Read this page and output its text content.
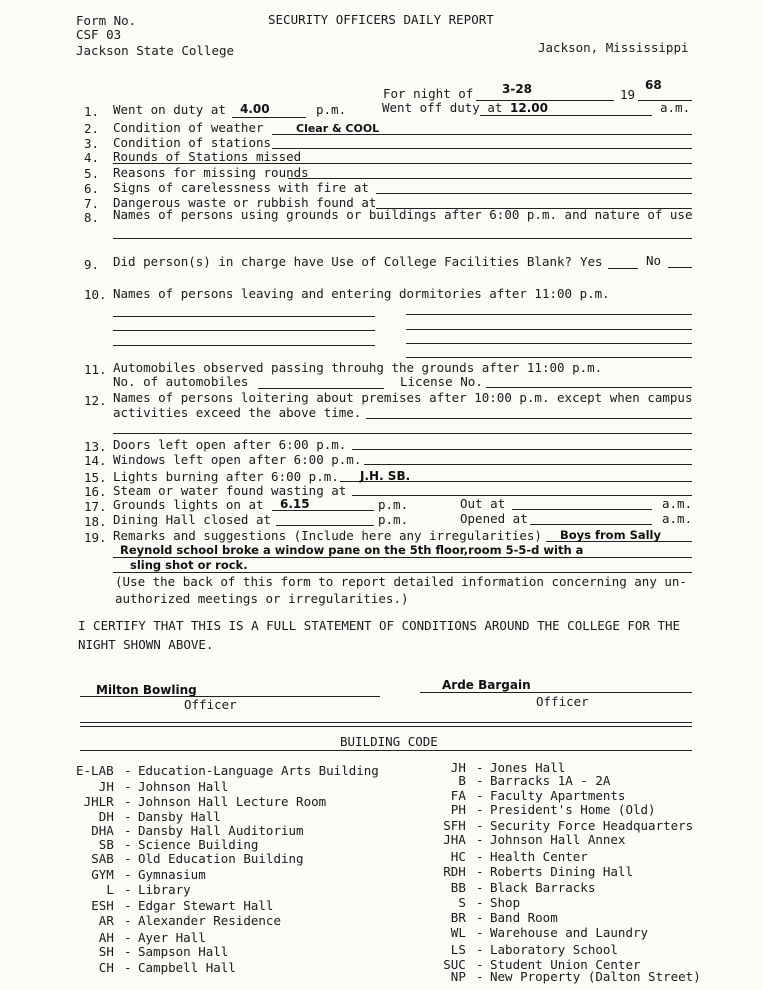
Form No.
CSF 03
Jackson State College
SECURITY OFFICERS DAILY REPORT
Jackson, Mississippi
For night of 3-28	19
68
1.	Went on duty at 4.00	p.m.	Went off duty at 12.00	a.m.
2.	Condition of weather	Clear & COOL
3.	Condition of stations
4.	Rounds of Stations missed
5.	Reasons for missing rounds
6.	Signs of carelessness with fire at
7.	Dangerous waste or rubbish found at
8.	Names of persons using grounds or buildings after 6:00 p.m. and nature of use
9.	Did person(s) in charge have Use of College Facilities Blank? Yes	No
10. Names of persons leaving and entering dormitories after 11:00 p.m.
11. Automobiles observed passing throuhg the grounds after 11:00 p.m.
No. of automobiles	License No.
12. Names of persons loitering about premises after 10:00 p.m. except when campus
activities exceed the above time.
13. Doors left open after 6:00 p.m.
14. Windows left open after 6:00 p.m.
15. Lights burning after 6:00 p.m. J.H. SB.
16. Steam or water found wasting at
17. Grounds lights on at 6.15	p.m.	Out at	a.m.
18. Dining Hall closed at	p.m.	Opened at	a.m.
19. Remarks and suggestions (Include here any irregularities) Boys from Sally
Reynold school broke a window pane on the 5th floor,room 5-5-d with a
sling shot or rock.
(Use the back of this form to report detailed information concerning any un-
authorized meetings or irregularities.)
I CERTIFY THAT THIS IS A FULL STATEMENT OF CONDITIONS AROUND THE COLLEGE FOR THE
NIGHT SHOWN ABOVE.
Milton Bowling
Officer
Arde Bargain
Officer
BUILDING CODE
E-LAB - Education-Language Arts Building
JH - Johnson Hall
JHLR - Johnson Hall Lecture Room
DH - Dansby Hall
DHA - Dansby Hall Auditorium
SB - Science Building
SAB - Old Education Building
GYM - Gymnasium
L - Library
ESH - Edgar Stewart Hall
AR - Alexander Residence
AH - Ayer Hall
SH - Sampson Hall
CH - Campbell Hall
JH - Jones Hall
B - Barracks 1A - 2A
FA - Faculty Apartments
PH - President's Home (Old)
SFH - Security Force Headquarters
JHA - Johnson Hall Annex
HC - Health Center
RDH - Roberts Dining Hall
BB - Black Barracks
S - Shop
BR - Band Room
WL - Warehouse and Laundry
LS - Laboratory School
SUC - Student Union Center
NP - New Property (Dalton Street)
